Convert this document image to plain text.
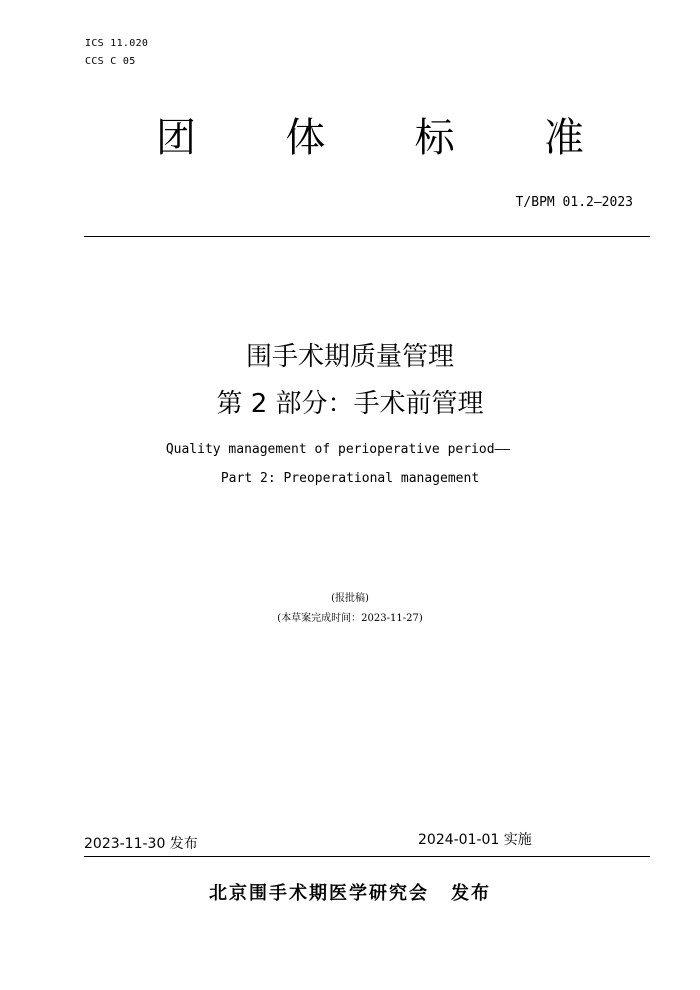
ICS 11.020
CCS C 05
团 体 标 准
T/BPM 01.2—2023
围手术期质量管理
第 2 部分：手术前管理
Quality management of perioperative period——
Part 2: Preoperational management
(报批稿)
(本草案完成时间：2023-11-27)
2023-11-30 发布	2024-01-01 实施
北京围手术期医学研究会 发布
